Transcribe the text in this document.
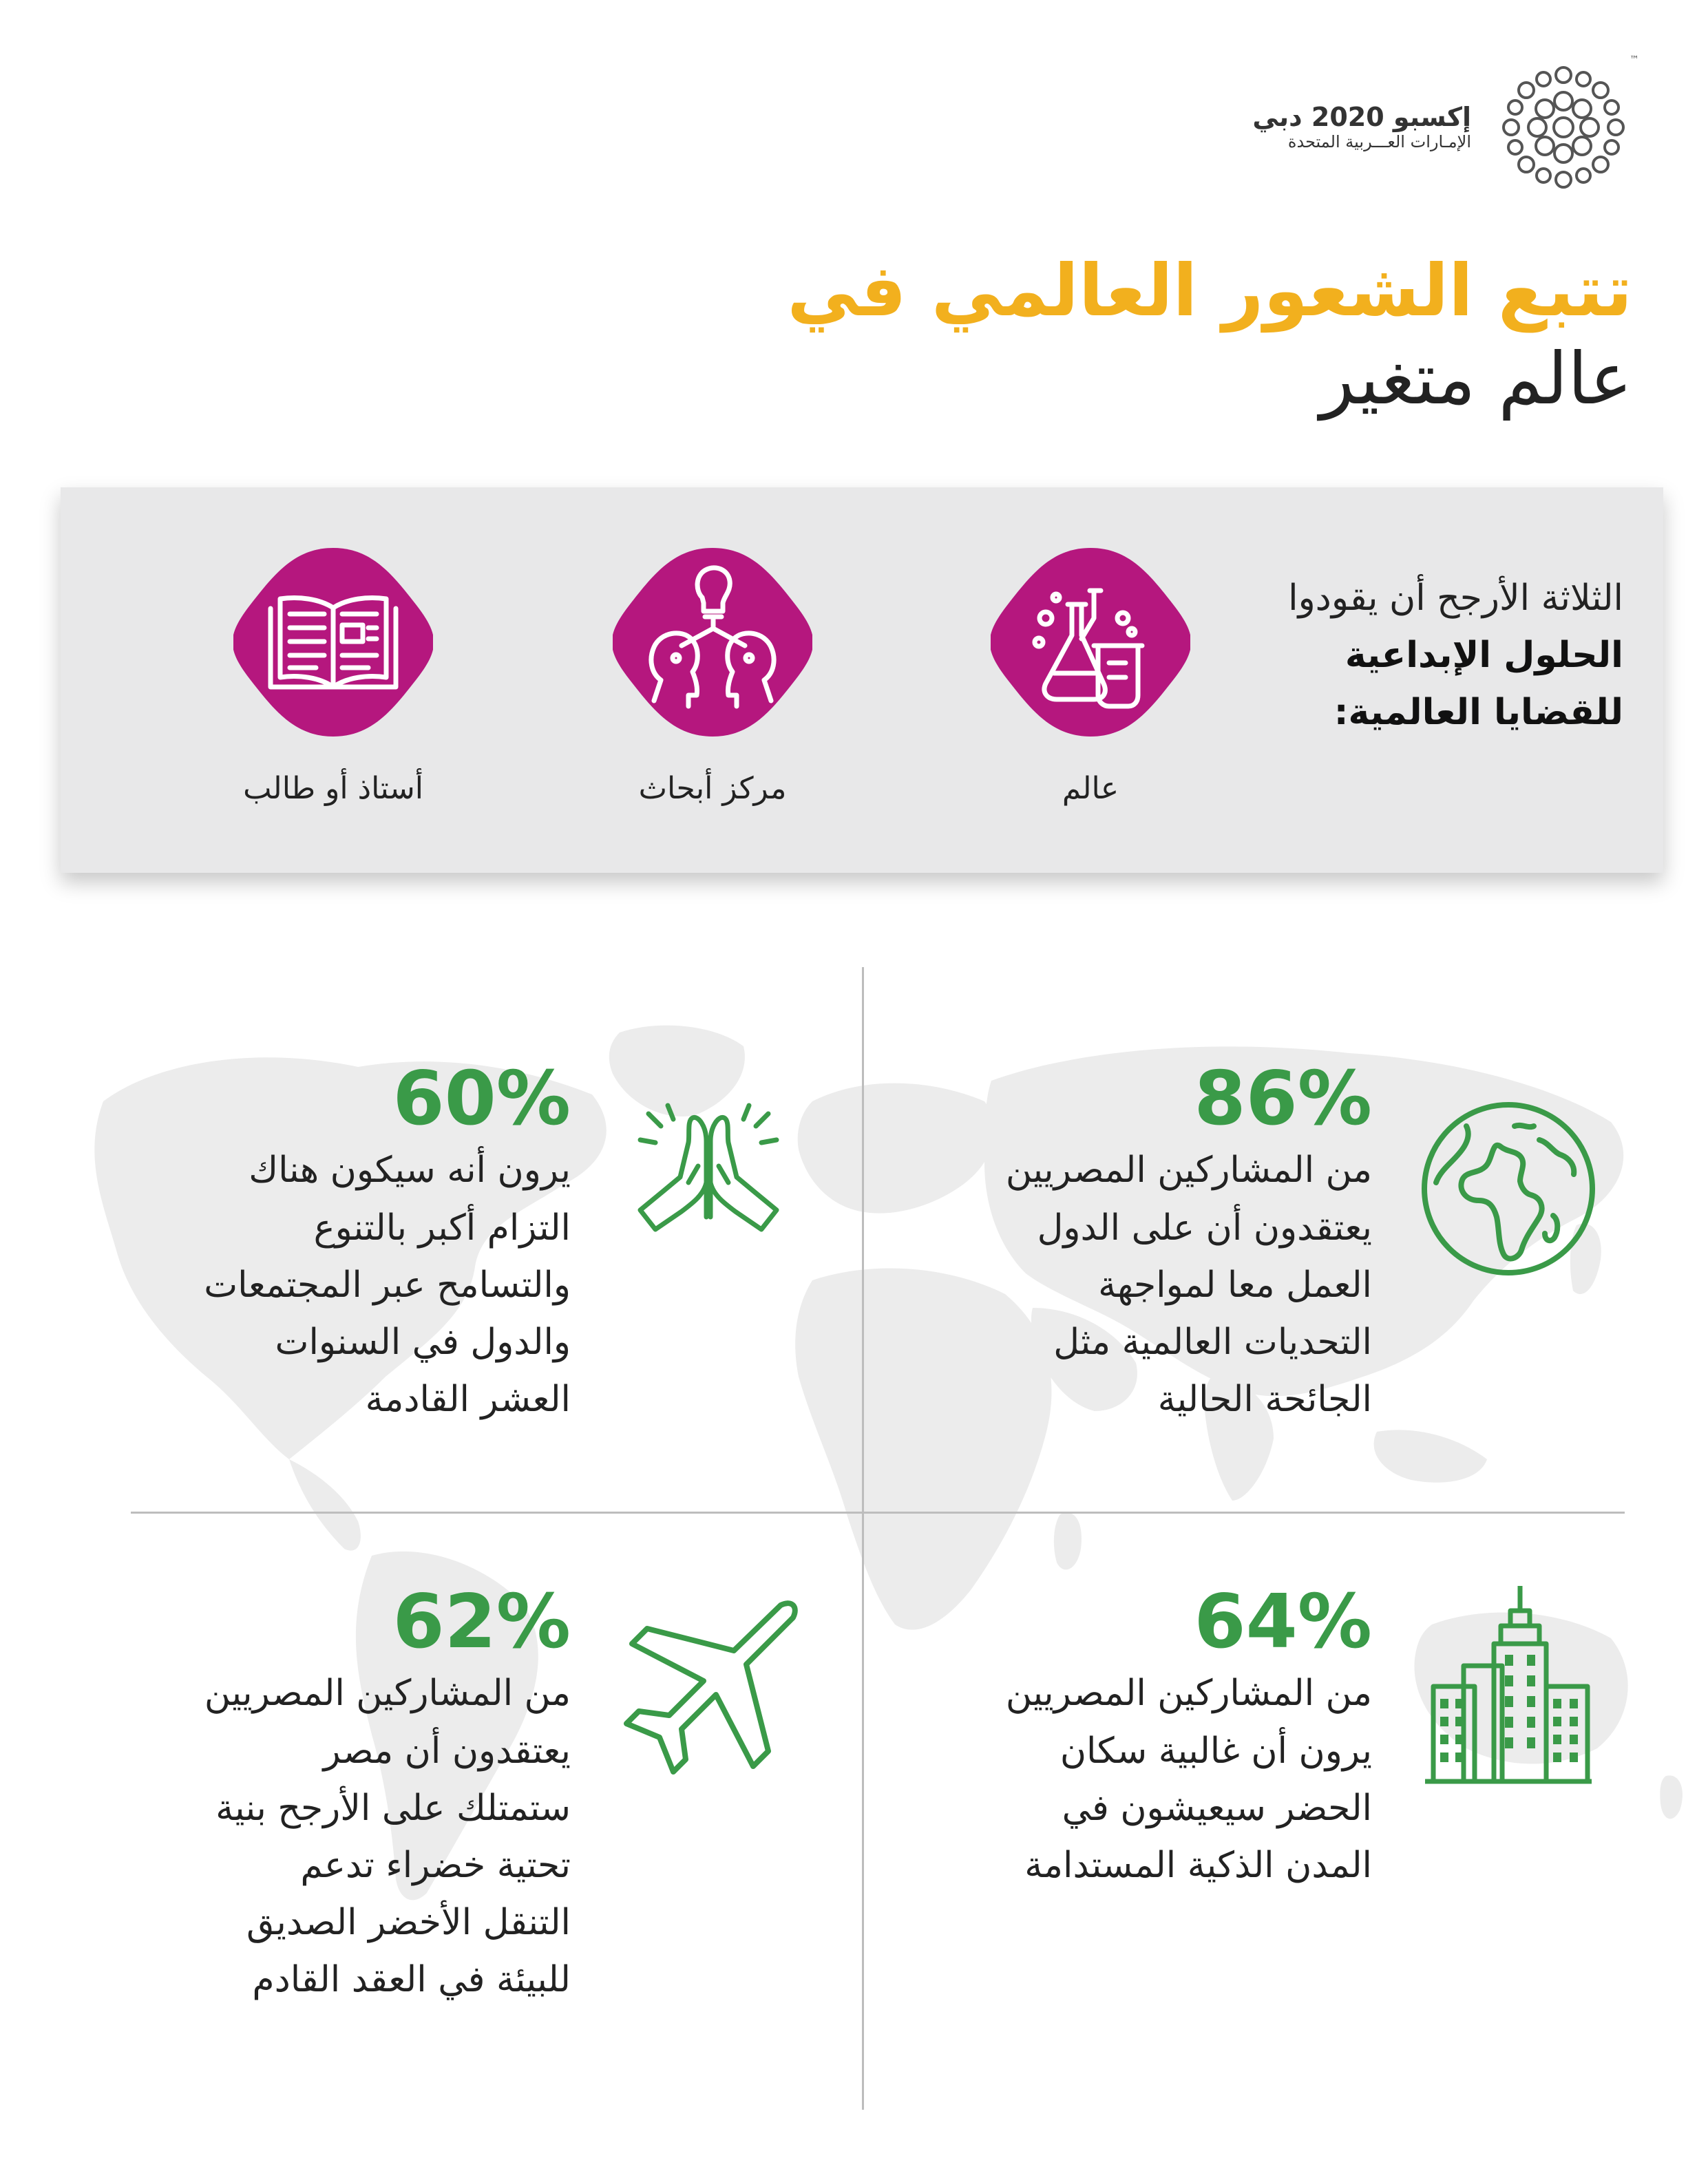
™
إكسبو 2020 دبي
الإمـارات العـــربية المتحدة
تتبع الشعور العالمي في
عالم متغير
الثلاثة الأرجح أن يقودوا
الحلول الإبداعية
للقضايا العالمية:
عالم
مركز أبحاث
أستاذ أو طالب
86%
من المشاركين المصريين
يعتقدون أن على الدول
العمل معا لمواجهة
التحديات العالمية مثل
الجائحة الحالية
60%
يرون أنه سيكون هناك
التزام أكبر بالتنوع
والتسامح عبر المجتمعات
والدول في السنوات
العشر القادمة
64%
من المشاركين المصريين
يرون أن غالبية سكان
الحضر سيعيشون في
المدن الذكية المستدامة
62%
من المشاركين المصريين
يعتقدون أن مصر
ستمتلك على الأرجح بنية
تحتية خضراء تدعم
التنقل الأخضر الصديق
للبيئة في العقد القادم
